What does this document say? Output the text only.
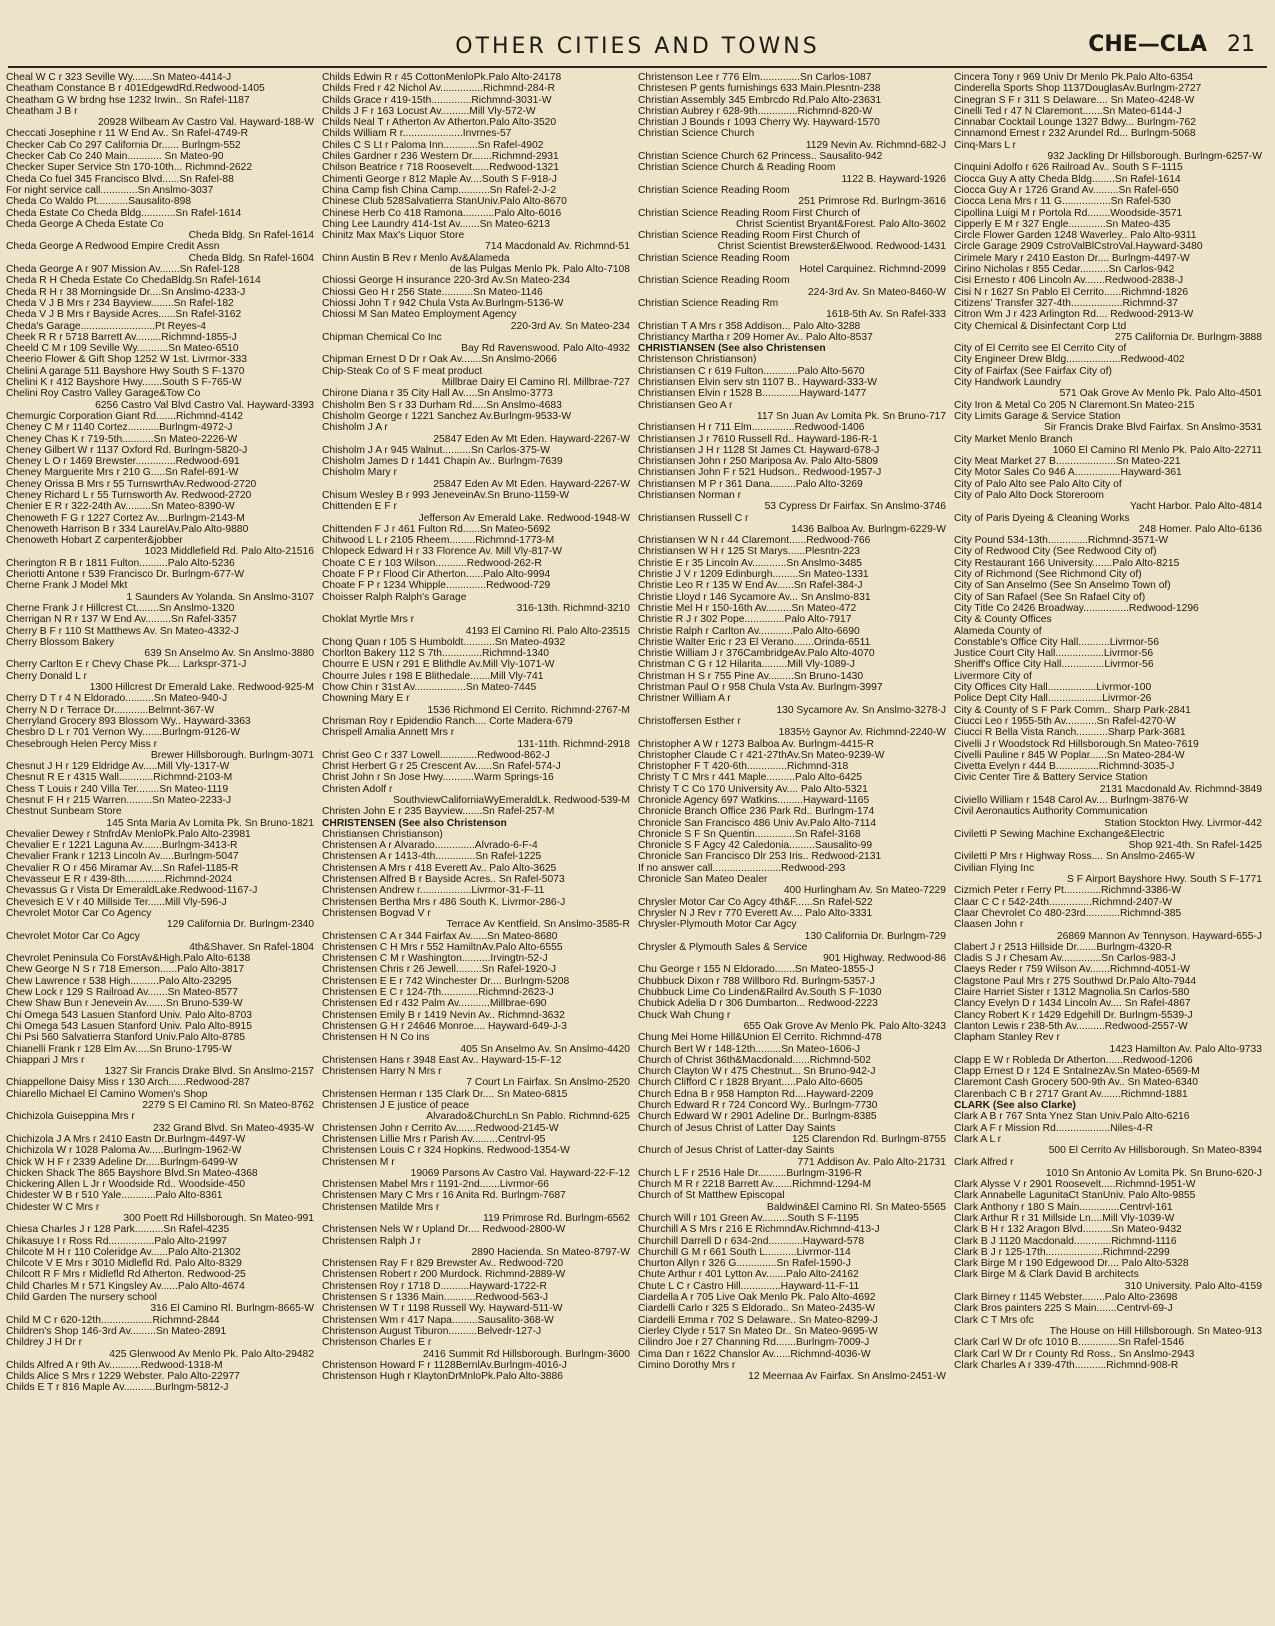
OTHER CITIES AND TOWNS	CHE—CLA 21
Cheal W C r 323 Seville Wy.......Sn Mateo-4414-J
Cheatham Constance B r 401EdgewdRd.Redwood-1405
Cheatham G W brdng hse 1232 Irwin.. Sn Rafel-1187
Cheatham J B r
20928 Wilbeam Av Castro Val. Hayward-188-W
Checcati Josephine r 11 W End Av.. Sn Rafel-4749-R
Checker Cab Co 297 California Dr...... Burlngm-552
Checker Cab Co 240 Main............ Sn Mateo-90
Checker Super Service Stn 170-10th... Richmnd-2622
Cheda Co fuel 345 Francisco Blvd......Sn Rafel-88
For night service call.............Sn Anslmo-3037
Cheda Co Waldo Pt...........Sausalito-898
Cheda Estate Co Cheda Bldg............Sn Rafel-1614
Cheda George A Cheda Estate Co
Cheda Bldg. Sn Rafel-1614
Cheda George A Redwood Empire Credit Assn
Cheda Bldg. Sn Rafel-1604
Cheda George A r 907 Mission Av.......Sn Rafel-128
Cheda R H Cheda Estate Co ChedaBldg.Sn Rafel-1614
Cheda R H r 38 Morningside Dr....Sn Anslmo-4233-J
Cheda V J B Mrs r 234 Bayview........Sn Rafel-182
Cheda V J B Mrs r Bayside Acres......Sn Rafel-3162
Cheda's Garage..........................Pt Reyes-4
Cheek R R r 5718 Barrett Av.........Richmnd-1855-J
Cheeld C M r 109 Seville Wy...........Sn Mateo-6510
Cheerio Flower & Gift Shop 1252 W 1st. Livrmor-333
Chelini A garage 511 Bayshore Hwy South S F-1370
Chelini K r 412 Bayshore Hwy.......South S F-765-W
Chelini Roy Castro Valley Garage&Tow Co
6256 Castro Val Blvd Castro Val. Hayward-3393
Chemurgic Corporation Giant Rd.......Richmnd-4142
Cheney C M r 1140 Cortez...........Burlngm-4972-J
Cheney Chas K r 719-5th...........Sn Mateo-2226-W
Cheney Gilbert W r 1137 Oxford Rd. Burlngm-5820-J
Cheney L O r 1469 Brewster..............Redwood-691
Cheney Marguerite Mrs r 210 G.....Sn Rafel-691-W
Cheney Orissa B Mrs r 55 TurnswrthAv.Redwood-2720
Cheney Richard L r 55 Turnsworth Av. Redwood-2720
Chenier E R r 322-24th Av.........Sn Mateo-8390-W
Chenoweth F G r 1227 Cortez Av....Burlngm-2143-M
Chenoweth Harrison B r 334 LaurelAv.Palo Alto-9880
Chenoweth Hobart Z carpenter&jobber
1023 Middlefield Rd. Palo Alto-21516
Cherington R B r 1811 Fulton..........Palo Alto-5236
Cheriotti Antone r 539 Francisco Dr. Burlngm-677-W
Cherne Frank J Model Mkt
1 Saunders Av Yolanda. Sn Anslmo-3107
Cherne Frank J r Hillcrest Ct........Sn Anslmo-1320
Cherrigan N R r 137 W End Av.........Sn Rafel-3357
Cherry B F r 110 St Matthews Av. Sn Mateo-4332-J
Cherry Blossom Bakery
639 Sn Anselmo Av. Sn Anslmo-3880
Cherry Carlton E r Chevy Chase Pk.... Larkspr-371-J
Cherry Donald L r
1300 Hillcrest Dr Emerald Lake. Redwood-925-M
Cherry D T r 4 N Eldorado..........Sn Mateo-940-J
Cherry N D r Terrace Dr............Belmnt-367-W
Cherryland Grocery 893 Blossom Wy.. Hayward-3363
Chesbro D L r 701 Vernon Wy.......Burlngm-9126-W
Chesebrough Helen Percy Miss r
Brewer Hillsborough. Burlngm-3071
Chesnut J H r 129 Eldridge Av.....Mill Vly-1317-W
Chesnut R E r 4315 Wall............Richmnd-2103-M
Chess T Louis r 240 Villa Ter........Sn Mateo-1119
Chesnut F H r 215 Warren.........Sn Mateo-2233-J
Chestnut Sunbeam Store
145 Snta Maria Av Lomita Pk. Sn Bruno-1821
Chevalier Dewey r StnfrdAv MenloPk.Palo Alto-23981
Chevalier E r 1221 Laguna Av.......Burlngm-3413-R
Chevalier Frank r 1213 Lincoln Av.....Burlngm-5047
Chevalier R O r 456 Miramar Av....Sn Rafel-1185-R
Chevasseur E R r 439-8th..............Richmnd-2024
Chevassus G r Vista Dr EmeraldLake.Redwood-1167-J
Chevesich E V r 40 Millside Ter......Mill Vly-596-J
Chevrolet Motor Car Co Agency
129 California Dr. Burlngm-2340
Chevrolet Motor Car Co Agcy
4th&Shaver. Sn Rafel-1804
Chevrolet Peninsula Co ForstAv&High.Palo Alto-6138
Chew George N S r 718 Emerson......Palo Alto-3817
Chew Lawrence r 538 High..........Palo Alto-23295
Chew Lock r 129 S Railroad Av.......Sn Mateo-8577
Chew Shaw Bun r Jenevein Av.......Sn Bruno-539-W
Chi Omega 543 Lasuen Stanford Univ. Palo Alto-8703
Chi Omega 543 Lasuen Stanford Univ. Palo Alto-8915
Chi Psi 560 Salvatierra Stanford Univ.Palo Alto-8785
Chianelli Frank r 128 Elm Av.....Sn Bruno-1795-W
Chiappari J Mrs r
1327 Sir Francis Drake Blvd. Sn Anslmo-2157
Chiappellone Daisy Miss r 130 Arch......Redwood-287
Chiarello Michael El Camino Women's Shop
2279 S El Camino Rl. Sn Mateo-8762
Chichizola Guiseppina Mrs r
232 Grand Blvd. Sn Mateo-4935-W
Chichizola J A Mrs r 2410 Eastn Dr.Burlngm-4497-W
Chichizola W r 1028 Paloma Av.....Burlngm-1962-W
Chick W H F r 2339 Adeline Dr.....Burlngm-6499-W
Chicken Shack The 865 Bayshore Blvd.Sn Mateo-4368
Chickering Allen L Jr r Woodside Rd.. Woodside-450
Chidester W B r 510 Yale............Palo Alto-8361
Chidester W C Mrs r
300 Poett Rd Hillsborough. Sn Mateo-991
Chiesa Charles J r 128 Park..........Sn Rafel-4235
Chikasuye I r Ross Rd................Palo Alto-21997
Chilcote M H r 110 Coleridge Av......Palo Alto-21302
Chilcote V E Mrs r 3010 Midlefld Rd. Palo Alto-8329
Chilcott R F Mrs r Midlefld Rd Atherton. Redwood-25
Child Charles M r 571 Kingsley Av......Palo Alto-4674
Child Garden The nursery school
316 El Camino Rl. Burlngm-8665-W
Child M C r 620-12th..................Richmnd-2844
Children's Shop 146-3rd Av.........Sn Mateo-2891
Childrey J H Dr r
425 Glenwood Av Menlo Pk. Palo Alto-29482
Childs Alfred A r 9th Av...........Redwood-1318-M
Childs Alice S Mrs r 1229 Webster. Palo Alto-22977
Childs E T r 816 Maple Av...........Burlngm-5812-J
Childs Edwin R r 45 CottonMenloPk.Palo Alto-24178
Childs Fred r 42 Nichol Av...............Richmnd-284-R
Childs Grace r 419-15th..............Richmnd-3031-W
Childs J F r 163 Locust Av..........Mill Vly-572-W
Childs Neal T r Atherton Av Atherton.Palo Alto-3520
Childs William R r.....................Invrnes-57
Chiles C S Lt r Paloma Inn............Sn Rafel-4902
Chiles Gardner r 236 Western Dr.......Richmnd-2931
Chilson Beatrice r 718 Roosevelt......Redwood-1321
Chimenti George r 812 Maple Av....South S F-918-J
China Camp fish China Camp...........Sn Rafel-2-J-2
Chinese Club 528Salvatierra StanUniv.Palo Alto-8670
Chinese Herb Co 418 Ramona...........Palo Alto-6016
Ching Lee Laundry 414-1st Av.......Sn Mateo-6213
Chinitz Max Max's Liquor Store
714 Macdonald Av. Richmnd-51
Chinn Austin B Rev r Menlo Av&Alameda
de las Pulgas Menlo Pk. Palo Alto-7108
Chiossi George H insurance 220-3rd Av.Sn Mateo-234
Chiossi Geo H r 256 State...........Sn Mateo-1146
Chiossi John T r 942 Chula Vsta Av.Burlngm-5136-W
Chiossi M San Mateo Employment Agency
220-3rd Av. Sn Mateo-234
Chipman Chemical Co Inc
Bay Rd Ravenswood. Palo Alto-4932
Chipman Ernest D Dr r Oak Av.......Sn Anslmo-2066
Chip-Steak Co of S F meat product
Millbrae Dairy El Camino Rl. Millbrae-727
Chirone Diana r 35 City Hall Av.....Sn Anslmo-3773
Chisholm Ben S r 33 Durham Rd.....Sn Anslmo-4683
Chisholm George r 1221 Sanchez Av.Burlngm-9533-W
Chisholm J A r
25847 Eden Av Mt Eden. Hayward-2267-W
Chisholm J A r 945 Walnut..........Sn Carlos-375-W
Chisholm James D r 1441 Chapin Av.. Burlngm-7639
Chisholm Mary r
25847 Eden Av Mt Eden. Hayward-2267-W
Chisum Wesley B r 993 JeneveinAv.Sn Bruno-1159-W
Chittenden E F r
Jefferson Av Emerald Lake. Redwood-1948-W
Chittenden F J r 461 Fulton Rd......Sn Mateo-5692
Chitwood L L r 2105 Rheem.........Richmnd-1773-M
Chlopeck Edward H r 33 Florence Av. Mill Vly-817-W
Choate C E r 103 Wilson...........Redwood-262-R
Choate F P r Flood Cir Atherton......Palo Alto-9994
Choate F P r 1234 Whipple..............Redwood-729
Choisser Ralph Ralph's Garage
316-13th. Richmnd-3210
Choklat Myrtle Mrs r
4193 El Camino Rl. Palo Alto-23515
Chong Quan r 105 S Humboldt...........Sn Mateo-4932
Chorlton Bakery 112 S 7th..............Richmnd-1340
Chourre E USN r 291 E Blithdle Av.Mill Vly-1071-W
Chourre Jules r 198 E Blithedale.......Mill Vly-741
Chow Chin r 31st Av..................Sn Mateo-7445
Chowning Mary E r
1536 Richmond El Cerrito. Richmnd-2767-M
Chrisman Roy r Epidendio Ranch.... Corte Madera-679
Chrispell Amalia Annett Mrs r
131-11th. Richmnd-2918
Christ Geo C r 337 Lowell.............Redwood-862-J
Christ Herbert G r 25 Crescent Av......Sn Rafel-574-J
Christ John r Sn Jose Hwy...........Warm Springs-16
Christen Adolf r
SouthviewCaliforniaWyEmeraldLk. Redwood-539-M
Christen John E r 235 Bayview.......Sn Rafel-257-M
CHRISTENSEN (See also Christenson
Christiansen Christianson)
Christensen A r Alvarado..............Alvrado-6-F-4
Christensen A r 1413-4th..............Sn Rafel-1225
Christensen A Mrs r 418 Everett Av.. Palo Alto-3625
Christensen Alfred B r Bayside Acres.. Sn Rafel-5073
Christensen Andrew r..................Livrmor-31-F-11
Christensen Bertha Mrs r 486 South K. Livrmor-286-J
Christensen Bogvad V r
Terrace Av Kentfield. Sn Anslmo-3585-R
Christensen C A r 344 Fairfax Av......Sn Mateo-8680
Christensen C H Mrs r 552 HamiltnAv.Palo Alto-6555
Christensen C M r Washington..........Irvingtn-52-J
Christensen Chris r 26 Jewell.........Sn Rafel-1920-J
Christensen E E r 742 Winchester Dr.... Burlngm-5208
Christensen E C r 124-7th.............Richmnd-2623-J
Christensen Ed r 432 Palm Av...........Millbrae-690
Christensen Emily B r 1419 Nevin Av.. Richmnd-3632
Christensen G H r 24646 Monroe.... Hayward-649-J-3
Christensen H N Co ins
405 Sn Anselmo Av. Sn Anslmo-4420
Christensen Hans r 3948 East Av.. Hayward-15-F-12
Christensen Harry N Mrs r
7 Court Ln Fairfax. Sn Anslmo-2520
Christensen Herman r 135 Clark Dr.... Sn Mateo-6815
Christensen J E justice of peace
Alvarado&ChurchLn Sn Pablo. Richmnd-625
Christensen John r Cerrito Av.......Redwood-2145-W
Christensen Lillie Mrs r Parish Av.........Centrvl-95
Christensen Louis C r 324 Hopkins. Redwood-1354-W
Christensen M r
19069 Parsons Av Castro Val. Hayward-22-F-12
Christensen Mabel Mrs r 1191-2nd.......Livrmor-66
Christensen Mary C Mrs r 16 Anita Rd. Burlngm-7687
Christensen Matilde Mrs r
119 Primrose Rd. Burlngm-6562
Christensen Nels W r Upland Dr.... Redwood-2800-W
Christensen Ralph J r
2890 Hacienda. Sn Mateo-8797-W
Christensen Ray F r 829 Brewster Av.. Redwood-720
Christensen Robert r 200 Murdock. Richmnd-2889-W
Christensen Roy r 1718 D..........Hayward-1722-R
Christensen S r 1336 Main...........Redwood-563-J
Christensen W T r 1198 Russell Wy. Hayward-511-W
Christensen Wm r 417 Napa.........Sausalito-368-W
Christenson August Tiburon..........Belvedr-127-J
Christenson Charles E r
2416 Summit Rd Hillsborough. Burlngm-3600
Christenson Howard F r 1128BernlAv.Burlngm-4016-J
Christenson Hugh r KlaytonDrMnloPk.Palo Alto-3886
Christenson Lee r 776 Elm..............Sn Carlos-1087
Christesen P gents furnishings 633 Main.Plesntn-238
Christian Assembly 345 Embrcdo Rd.Palo Alto-23631
Christian Aubrey r 628-9th..............Richmnd-820-W
Christian J Bounds r 1093 Cherry Wy. Hayward-1570
Christian Science Church
1129 Nevin Av. Richmnd-682-J
Christian Science Church 62 Princess.. Sausalito-942
Christian Science Church & Reading Room
1122 B. Hayward-1926
Christian Science Reading Room
251 Primrose Rd. Burlngm-3616
Christian Science Reading Room First Church of
Christ Scientist Bryant&Forest. Palo Alto-3602
Christian Science Reading Room First Church of
Christ Scientist Brewster&Elwood. Redwood-1431
Christian Science Reading Room
Hotel Carquinez. Richmnd-2099
Christian Science Reading Room
224-3rd Av. Sn Mateo-8460-W
Christian Science Reading Rm
1618-5th Av. Sn Rafel-333
Christian T A Mrs r 358 Addison... Palo Alto-3288
Christiancy Martha r 209 Homer Av.. Palo Alto-8537
CHRISTIANSEN (See also Christensen
Christenson Christianson)
Christiansen C r 619 Fulton............Palo Alto-5670
Christiansen Elvin serv stn 1107 B.. Hayward-333-W
Christiansen Elvin r 1528 B.............Hayward-1477
Christiansen Geo A r
117 Sn Juan Av Lomita Pk. Sn Bruno-717
Christiansen H r 711 Elm...............Redwood-1406
Christiansen J r 7610 Russell Rd.. Hayward-186-R-1
Christiansen J H r 1128 St James Ct. Hayward-678-J
Christiansen John r 250 Mariposa Av. Palo Alto-5809
Christiansen John F r 521 Hudson.. Redwood-1957-J
Christiansen M P r 361 Dana.........Palo Alto-3269
Christiansen Norman r
53 Cypress Dr Fairfax. Sn Anslmo-3746
Christiansen Russell C r
1436 Balboa Av. Burlngm-6229-W
Christiansen W N r 44 Claremont......Redwood-766
Christiansen W H r 125 St Marys......Plesntn-223
Christie E r 35 Lincoln Av............Sn Anslmo-3485
Christie J V r 1209 Edinburgh.........Sn Mateo-1331
Christie Leo R r 135 W End Av......Sn Rafel-384-J
Christie Lloyd r 146 Sycamore Av... Sn Anslmo-831
Christie Mel H r 150-16th Av.........Sn Mateo-472
Christie R J r 302 Pope..............Palo Alto-7917
Christie Ralph r Carlton Av............Palo Alto-6690
Christie Walter Eric r 23 El Verano.......Orinda-6511
Christie William J r 376CambridgeAv.Palo Alto-4070
Christman C G r 12 Hilarita.........Mill Vly-1089-J
Christman H S r 755 Pine Av.........Sn Bruno-1430
Christman Paul O r 958 Chula Vsta Av. Burlngm-3997
Christner William A r
130 Sycamore Av. Sn Anslmo-3278-J
Christoffersen Esther r
1835½ Gaynor Av. Richmnd-2240-W
Christopher A W r 1273 Balboa Av. Burlngm-4415-R
Christopher Claude C r 421-27thAv.Sn Mateo-9239-W
Christopher F T 420-6th..............Richmnd-318
Christy T C Mrs r 441 Maple..........Palo Alto-6425
Christy T C Co 170 University Av.... Palo Alto-5321
Chronicle Agency 697 Watkins.........Hayward-1165
Chronicle Branch Office 236 Park Rd.. Burlngm-174
Chronicle San Francisco 486 Univ Av.Palo Alto-7114
Chronicle S F Sn Quentin..............Sn Rafel-3168
Chronicle S F Agcy 42 Caledonia.........Sausalito-99
Chronicle San Francisco Dlr 253 Iris.. Redwood-2131
If no answer call........................Redwood-293
Chronicle San Mateo Dealer
400 Hurlingham Av. Sn Mateo-7229
Chrysler Motor Car Co Agcy 4th&F......Sn Rafel-522
Chrysler N J Rev r 770 Everett Av.... Palo Alto-3331
Chrysler-Plymouth Motor Car Agcy
130 California Dr. Burlngm-729
Chrysler & Plymouth Sales & Service
901 Highway. Redwood-86
Chu George r 155 N Eldorado.......Sn Mateo-1855-J
Chubbuck Dixon r 788 Willboro Rd. Burlngm-5357-J
Chubbuck Lime Co Linden&Railrd Av.South S F-1030
Chubick Adelia D r 306 Dumbarton... Redwood-2223
Chuck Wah Chung r
655 Oak Grove Av Menlo Pk. Palo Alto-3243
Chung Mei Home Hill&Union El Cerrito. Richmnd-478
Church Bert W r 148-12th.........Sn Mateo-1606-J
Church of Christ 36th&Macdonald......Richmnd-502
Church Clayton W r 475 Chestnut... Sn Bruno-942-J
Church Clifford C r 1828 Bryant.....Palo Alto-6605
Church Edna B r 958 Hampton Rd....Hayward-2209
Church Edward R r 724 Concord Wy.. Burlngm-7730
Church Edward W r 2901 Adeline Dr.. Burlngm-8385
Church of Jesus Christ of Latter Day Saints
125 Clarendon Rd. Burlngm-8755
Church of Jesus Christ of Latter-day Saints
771 Addison Av. Palo Alto-21731
Church L F r 2516 Hale Dr..........Burlngm-3196-R
Church M R r 2218 Barrett Av.......Richmnd-1294-M
Church of St Matthew Episcopal
Baldwin&El Camino Rl. Sn Mateo-5565
Church Will r 101 Green Av.........South S F-1195
Churchill A S Mrs r 216 E RichmndAv.Richmnd-413-J
Churchill Darrell D r 634-2nd............Hayward-578
Churchill G M r 661 South L...........Livrmor-114
Churton Allyn r 326 G..............Sn Rafel-1590-J
Chute Arthur r 401 Lytton Av.......Palo Alto-24162
Chute L C r Castro Hill..............Hayward-11-F-11
Ciardella A r 705 Live Oak Menlo Pk. Palo Alto-4692
Ciardelli Carlo r 325 S Eldorado.. Sn Mateo-2435-W
Ciardelli Emma r 702 S Delaware.. Sn Mateo-8299-J
Cierley Clyde r 517 Sn Mateo Dr.. Sn Mateo-9695-W
Cilindro Joe r 27 Channing Rd.......Burlngm-7009-J
Cima Dan r 1622 Chanslor Av......Richmnd-4036-W
Cimino Dorothy Mrs r
12 Meernaa Av Fairfax. Sn Anslmo-2451-W
Cincera Tony r 969 Univ Dr Menlo Pk.Palo Alto-6354
Cinderella Sports Shop 1137DouglasAv.Burlngm-2727
Cinegran S F r 311 S Delaware.... Sn Mateo-4248-W
Cinelli Ted r 47 N Claremont.......Sn Mateo-6144-J
Cinnabar Cocktail Lounge 1327 Bdwy... Burlngm-762
Cinnamond Ernest r 232 Arundel Rd... Burlngm-5068
Cinq-Mars L r
932 Jackling Dr Hillsborough. Burlngm-6257-W
Cinquini Adolfo r 626 Railroad Av.. South S F-1115
Ciocca Guy A atty Cheda Bldg........Sn Rafel-1614
Ciocca Guy A r 1726 Grand Av.........Sn Rafel-650
Ciocca Lena Mrs r 11 G.................Sn Rafel-530
Cipollina Luigi M r Portola Rd........Woodside-3571
Cipperly E M r 327 Engle.............Sn Mateo-435
Circle Flower Garden 1248 Waverley.. Palo Alto-9311
Circle Garage 2909 CstroValBlCstroVal.Hayward-3480
Cirimele Mary r 2410 Easton Dr.... Burlngm-4497-W
Cirino Nicholas r 855 Cedar..........Sn Carlos-942
Cisi Ernesto r 406 Lincoln Av.......Redwood-2838-J
Cisi N r 1627 Sn Pablo El Cerrito......Richmnd-1826
Citizens' Transfer 327-4th..................Richmnd-37
Citron Wm J r 423 Arlington Rd.... Redwood-2913-W
City Chemical & Disinfectant Corp Ltd
275 California Dr. Burlngm-3888
City of El Cerrito see El Cerrito City of
City Engineer Drew Bldg...................Redwood-402
City of Fairfax (See Fairfax City of)
City Handwork Laundry
571 Oak Grove Av Menlo Pk. Palo Alto-4501
City Iron & Metal Co 205 N Claremont.Sn Mateo-215
City Limits Garage & Service Station
Sir Francis Drake Blvd Fairfax. Sn Anslmo-3531
City Market Menlo Branch
1060 El Camino Rl Menlo Pk. Palo Alto-22711
City Meat Market 27 B.....................Sn Mateo-221
City Motor Sales Co 946 A................Hayward-361
City of Palo Alto see Palo Alto City of
City of Palo Alto Dock Storeroom
Yacht Harbor. Palo Alto-4814
City of Paris Dyeing & Cleaning Works
248 Homer. Palo Alto-6136
City Pound 534-13th..............Richmnd-3571-W
City of Redwood City (See Redwood City of)
City Restaurant 166 University.......Palo Alto-8215
City of Richmond (See Richmond City of)
City of San Anselmo (See Sn Anselmo Town of)
City of San Rafael (See Sn Rafael City of)
City Title Co 2426 Broadway................Redwood-1296
City & County Offices
Alameda County of
Constable's Office City Hall...........Livrmor-56
Justice Court City Hall.................Livrmor-56
Sheriff's Office City Hall...............Livrmor-56
Livermore City of
City Offices City Hall.................Livrmor-100
Police Dept City Hall...................Livrmor-26
City & County of S F Park Comm.. Sharp Park-2841
Ciucci Leo r 1955-5th Av...........Sn Rafel-4270-W
Ciucci R Bella Vista Ranch...........Sharp Park-3681
Civelli J r Woodstock Rd Hillsborough.Sn Mateo-7619
Civelli Pauline r 845 W Poplar......Sn Mateo-284-W
Civetta Evelyn r 444 B...............Richmnd-3035-J
Civic Center Tire & Battery Service Station
2131 Macdonald Av. Richmnd-3849
Civiello William r 1548 Carol Av.... Burlngm-3876-W
Civil Aeronautics Authority Communication
Station Stockton Hwy. Livrmor-442
Civiletti P Sewing Machine Exchange&Electric
Shop 921-4th. Sn Rafel-1425
Civiletti P Mrs r Highway Ross.... Sn Anslmo-2465-W
Civilian Flying Inc
S F Airport Bayshore Hwy. South S F-1771
Cizmich Peter r Ferry Pt.............Richmnd-3386-W
Claar C C r 542-24th...............Richmnd-2407-W
Claar Chevrolet Co 480-23rd............Richmnd-385
Claasen John r
26869 Mannon Av Tennyson. Hayward-655-J
Clabert J r 2513 Hillside Dr.......Burlngm-4320-R
Cladis S J r Chesam Av..............Sn Carlos-983-J
Claeys Reder r 759 Wilson Av.......Richmnd-4051-W
Clagstone Paul Mrs r 275 Southwd Dr.Palo Alto-7944
Claire Harriet Sister r 1312 Magnolia.Sn Carlos-580
Clancy Evelyn D r 1434 Lincoln Av.... Sn Rafel-4867
Clancy Robert K r 1429 Edgehill Dr. Burlngm-5539-J
Clanton Lewis r 238-5th Av..........Redwood-2557-W
Clapham Stanley Rev r
1423 Hamilton Av. Palo Alto-9733
Clapp E W r Robleda Dr Atherton......Redwood-1206
Clapp Ernest D r 124 E SntaInezAv.Sn Mateo-6569-M
Claremont Cash Grocery 500-9th Av.. Sn Mateo-6340
Clarenbach C B r 2717 Grant Av.......Richmnd-1881
CLARK (See also Clarke)
Clark A B r 767 Snta Ynez Stan Univ.Palo Alto-6216
Clark A F r Mission Rd...................Niles-4-R
Clark A L r
500 El Cerrito Av Hillsborough. Sn Mateo-8394
Clark Alfred r
1010 Sn Antonio Av Lomita Pk. Sn Bruno-620-J
Clark Alysse V r 2901 Roosevelt.....Richmnd-1951-W
Clark Annabelle LagunitaCt StanUniv. Palo Alto-9855
Clark Anthony r 180 S Main..............Centrvl-161
Clark Arthur R r 31 Millside Ln....Mill Vly-1039-W
Clark B H r 132 Aragon Blvd..........Sn Mateo-9432
Clark B J 1120 Macdonald.............Richmnd-1116
Clark B J r 125-17th....................Richmnd-2299
Clark Birge M r 190 Edgewood Dr.... Palo Alto-5328
Clark Birge M & Clark David B architects
310 University. Palo Alto-4159
Clark Birney r 1145 Webster........Palo Alto-23698
Clark Bros painters 225 S Main.......Centrvl-69-J
Clark C T Mrs ofc
The House on Hill Hillsborough. Sn Mateo-913
Clark Carl W Dr ofc 1010 B..............Sn Rafel-1546
Clark Carl W Dr r County Rd Ross.. Sn Anslmo-2943
Clark Charles A r 339-47th...........Richmnd-908-R
